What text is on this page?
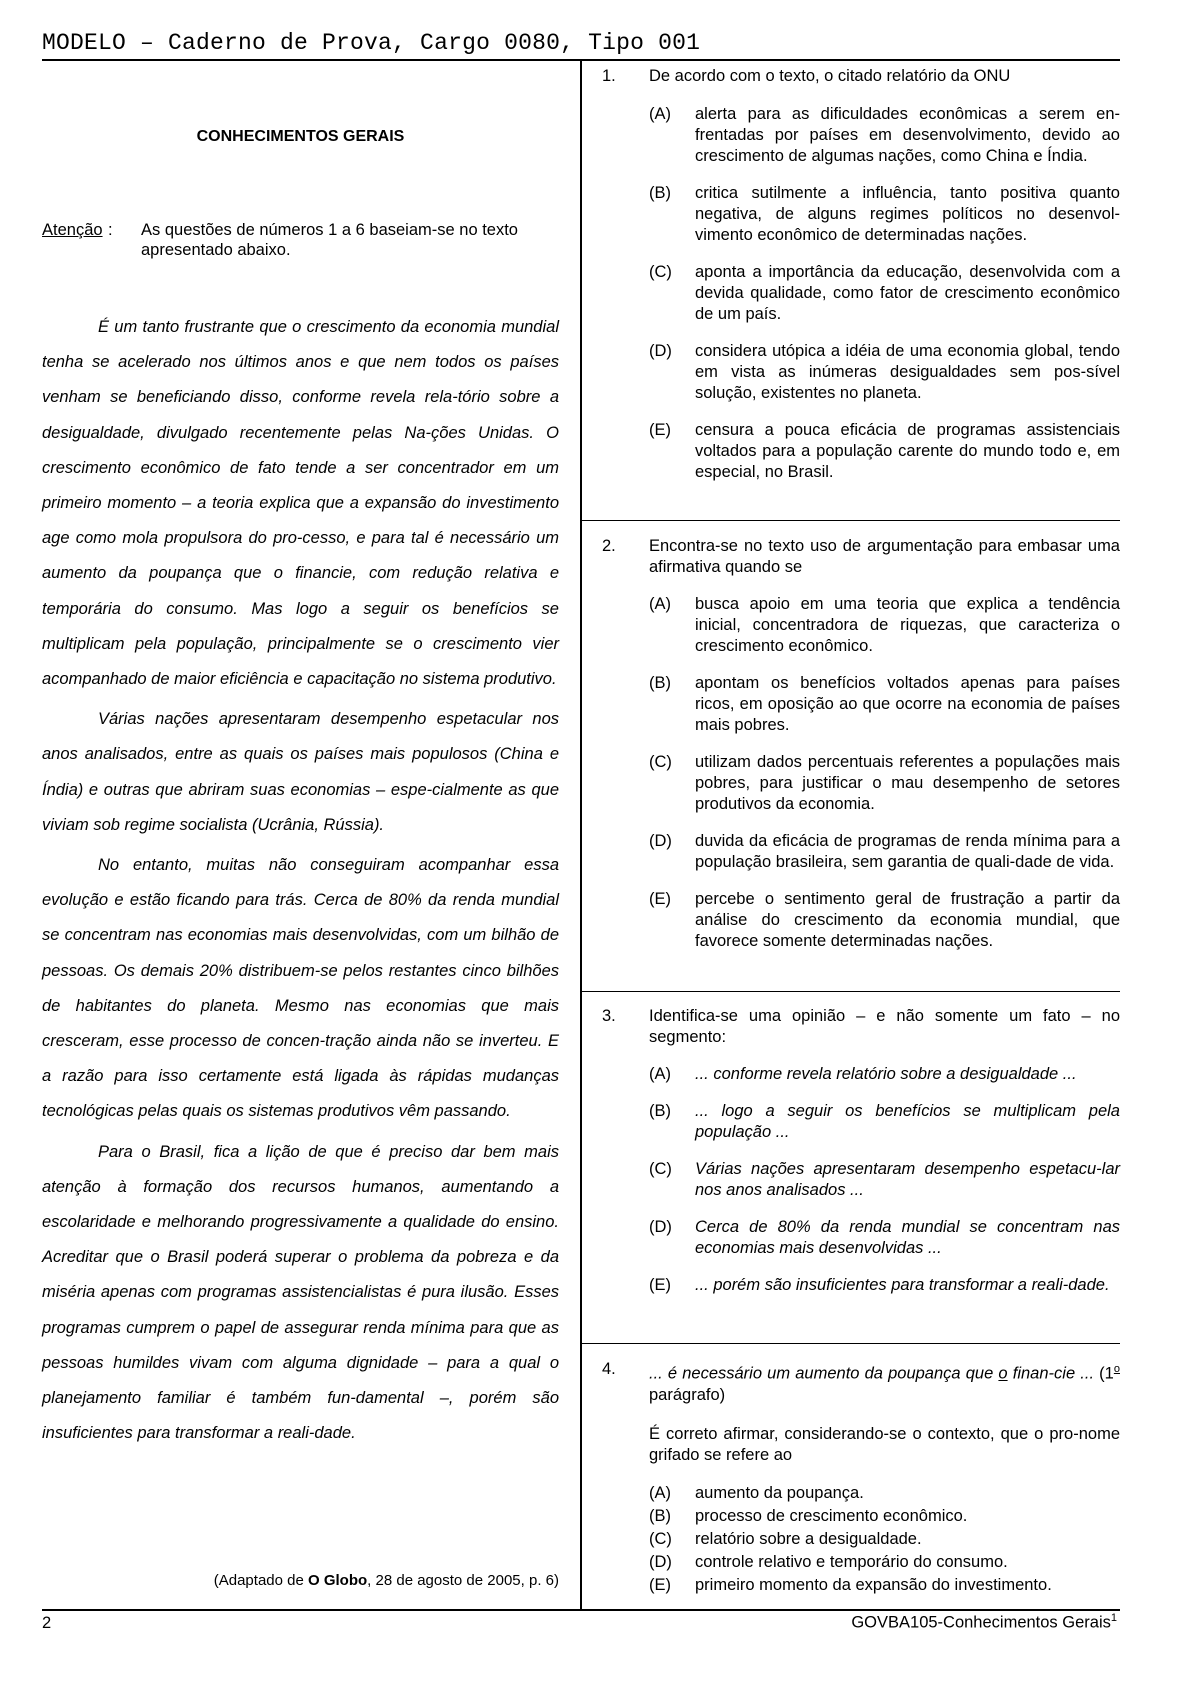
MODELO – Caderno de Prova, Cargo 0080, Tipo 001
CONHECIMENTOS GERAIS
Atenção : As questões de números 1 a 6 baseiam-se no texto apresentado abaixo.

É um tanto frustrante que o crescimento da economia mundial tenha se acelerado nos últimos anos e que nem todos os países venham se beneficiando disso, conforme revela rela-tório sobre a desigualdade, divulgado recentemente pelas Na-ções Unidas. O crescimento econômico de fato tende a ser concentrador em um primeiro momento – a teoria explica que a expansão do investimento age como mola propulsora do pro-cesso, e para tal é necessário um aumento da poupança que o financie, com redução relativa e temporária do consumo. Mas logo a seguir os benefícios se multiplicam pela população, principalmente se o crescimento vier acompanhado de maior eficiência e capacitação no sistema produtivo.

Várias nações apresentaram desempenho espetacular nos anos analisados, entre as quais os países mais populosos (China e Índia) e outras que abriram suas economias – espe-cialmente as que viviam sob regime socialista (Ucrânia, Rússia).

No entanto, muitas não conseguiram acompanhar essa evolução e estão ficando para trás. Cerca de 80% da renda mundial se concentram nas economias mais desenvolvidas, com um bilhão de pessoas. Os demais 20% distribuem-se pelos restantes cinco bilhões de habitantes do planeta. Mesmo nas economias que mais cresceram, esse processo de concen-tração ainda não se inverteu. E a razão para isso certamente está ligada às rápidas mudanças tecnológicas pelas quais os sistemas produtivos vêm passando.

Para o Brasil, fica a lição de que é preciso dar bem mais atenção à formação dos recursos humanos, aumentando a escolaridade e melhorando progressivamente a qualidade do ensino. Acreditar que o Brasil poderá superar o problema da pobreza e da miséria apenas com programas assistencialistas é pura ilusão. Esses programas cumprem o papel de assegurar renda mínima para que as pessoas humildes vivam com alguma dignidade – para a qual o planejamento familiar é também fun-damental –, porém são insuficientes para transformar a reali-dade.

(Adaptado de O Globo, 28 de agosto de 2005, p. 6)
1. De acordo com o texto, o citado relatório da ONU
(A) alerta para as dificuldades econômicas a serem en-frentadas por países em desenvolvimento, devido ao crescimento de algumas nações, como China e Índia.
(B) critica sutilmente a influência, tanto positiva quanto negativa, de alguns regimes políticos no desenvol-vimento econômico de determinadas nações.
(C) aponta a importância da educação, desenvolvida com a devida qualidade, como fator de crescimento econômico de um país.
(D) considera utópica a idéia de uma economia global, tendo em vista as inúmeras desigualdades sem pos-sível solução, existentes no planeta.
(E) censura a pouca eficácia de programas assistenciais voltados para a população carente do mundo todo e, em especial, no Brasil.
2. Encontra-se no texto uso de argumentação para embasar uma afirmativa quando se
(A) busca apoio em uma teoria que explica a tendência inicial, concentradora de riquezas, que caracteriza o crescimento econômico.
(B) apontam os benefícios voltados apenas para países ricos, em oposição ao que ocorre na economia de países mais pobres.
(C) utilizam dados percentuais referentes a populações mais pobres, para justificar o mau desempenho de setores produtivos da economia.
(D) duvida da eficácia de programas de renda mínima para a população brasileira, sem garantia de quali-dade de vida.
(E) percebe o sentimento geral de frustração a partir da análise do crescimento da economia mundial, que favorece somente determinadas nações.
3. Identifica-se uma opinião – e não somente um fato – no segmento:
(A) ... conforme revela relatório sobre a desigualdade ...
(B) ... logo a seguir os benefícios se multiplicam pela população ...
(C) Várias nações apresentaram desempenho espetacu-lar nos anos analisados ...
(D) Cerca de 80% da renda mundial se concentram nas economias mais desenvolvidas ...
(E) ... porém são insuficientes para transformar a reali-dade.
4. ... é necessário um aumento da poupança que o finan-cie ... (1$^o$ parágrafo)
É correto afirmar, considerando-se o contexto, que o pro-nome grifado se refere ao
(A) aumento da poupança.
(B) processo de crescimento econômico.
(C) relatório sobre a desigualdade.
(D) controle relativo e temporário do consumo.
(E) primeiro momento da expansão do investimento.
2	GOVBA105-Conhecimentos Gerais$^1$
